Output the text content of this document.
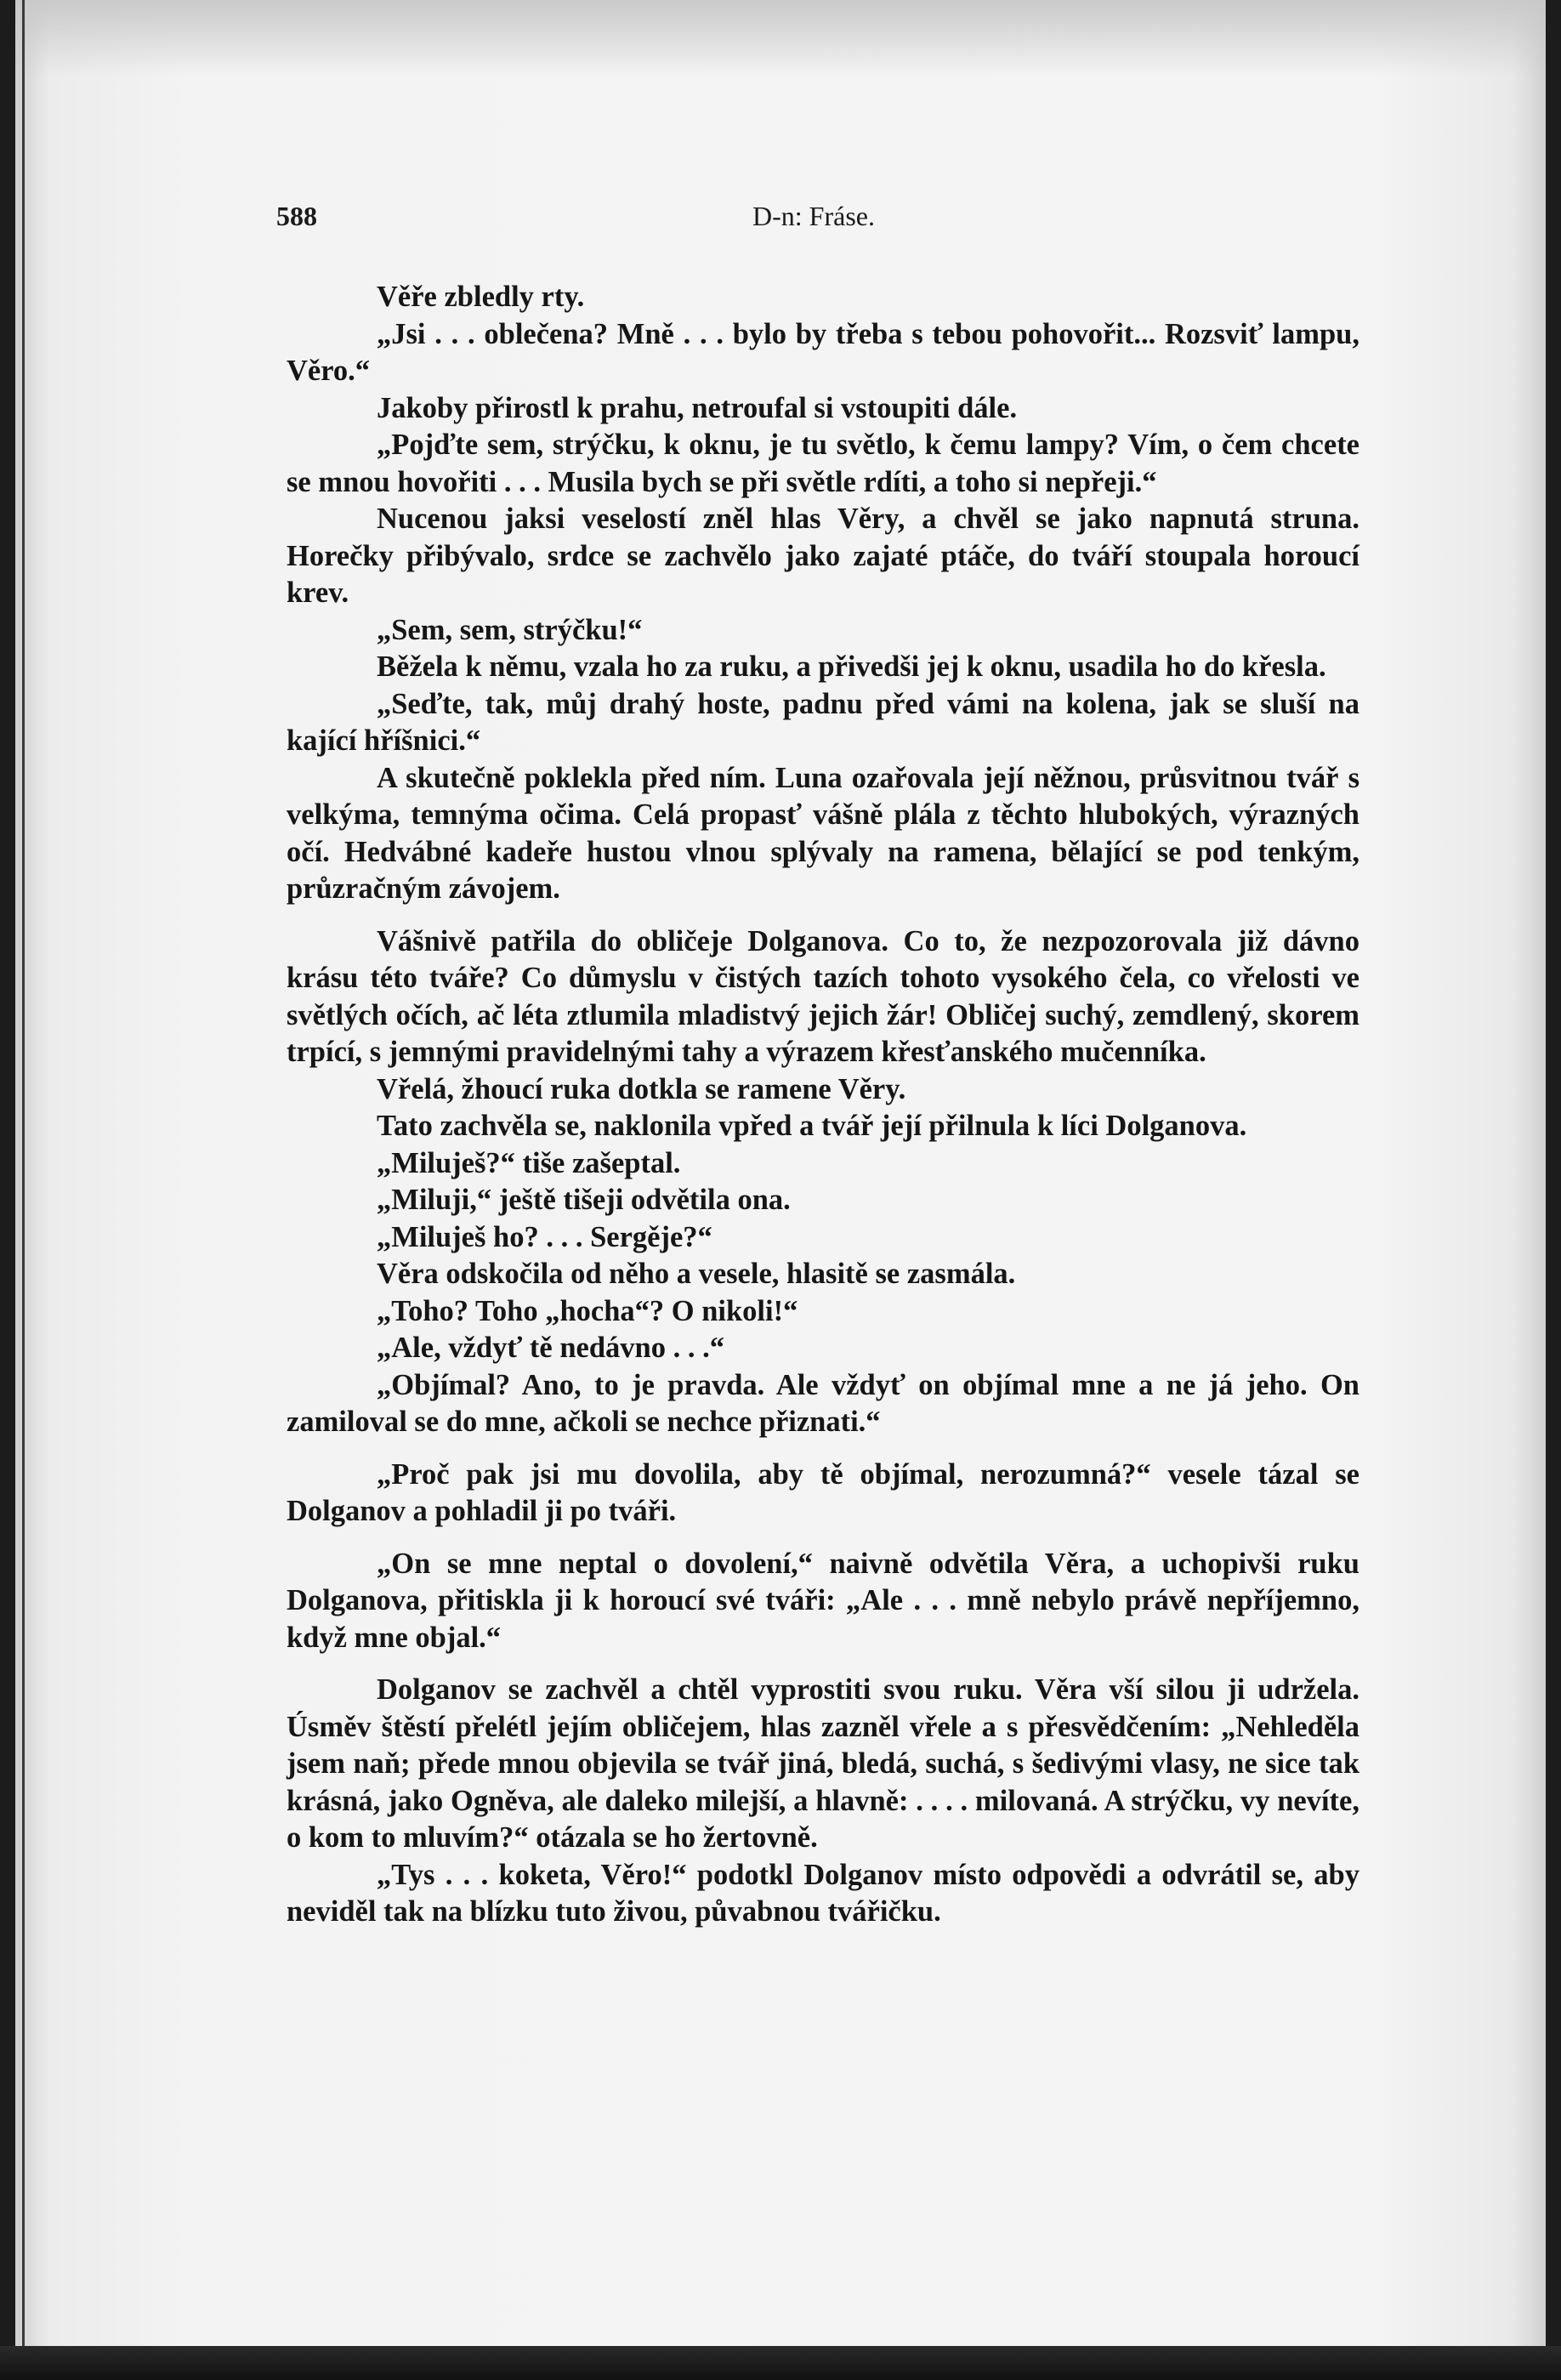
588	D-n: Fráse.

Věře zbledly rty.

„Jsi . . . oblečena? Mně . . . bylo by třeba s tebou pohovořit... Rozsviť lampu, Věro.“

Jakoby přirostl k prahu, netroufal si vstoupiti dále.

„Pojďte sem, strýčku, k oknu, je tu světlo, k čemu lampy? Vím, o čem chcete se mnou hovořiti . . . Musila bych se při světle rdíti, a toho si nepřeji.“

Nucenou jaksi veselostí zněl hlas Věry, a chvěl se jako napnutá struna. Horečky přibývalo, srdce se zachvělo jako zajaté ptáče, do tváří stoupala horoucí krev.

„Sem, sem, strýčku!“

Běžela k němu, vzala ho za ruku, a přivedši jej k oknu, usadila ho do křesla.

„Seďte, tak, můj drahý hoste, padnu před vámi na kolena, jak se sluší na kající hříšnici.“

A skutečně poklekla před ním. Luna ozařovala její něžnou, průsvitnou tvář s velkýma, temnýma očima. Celá propasť vášně plála z těchto hlubokých, výrazných očí. Hedvábné kadeře hustou vlnou splývaly na ramena, bělající se pod tenkým, průzračným závojem.

Vášnivě patřila do obličeje Dolganova. Co to, že nezpozorovala již dávno krásu této tváře? Co důmyslu v čistých tazích tohoto vysokého čela, co vřelosti ve světlých očích, ač léta ztlumila mladistvý jejich žár! Obličej suchý, zemdlený, skorem trpící, s jemnými pravidelnými tahy a výrazem křesťanského mučenníka.

Vřelá, žhoucí ruka dotkla se ramene Věry.

Tato zachvěla se, naklonila vpřed a tvář její přilnula k líci Dolganova.

„Miluješ?“ tiše zašeptal.

„Miluji,“ ještě tišeji odvětila ona.

„Miluješ ho? . . . Sergěje?“

Věra odskočila od něho a vesele, hlasitě se zasmála.

„Toho? Toho „hocha“? O nikoli!“

„Ale, vždyť tě nedávno . . .“

„Objímal? Ano, to je pravda. Ale vždyť on objímal mne a ne já jeho. On zamiloval se do mne, ačkoli se nechce přiznati.“

„Proč pak jsi mu dovolila, aby tě objímal, nerozumná?“ vesele tázal se Dolganov a pohladil ji po tváři.

„On se mne neptal o dovolení,“ naivně odvětila Věra, a uchopivši ruku Dolganova, přitiskla ji k horoucí své tváři: „Ale . . . mně nebylo právě nepříjemno, když mne objal.“

Dolganov se zachvěl a chtěl vyprostiti svou ruku. Věra vší silou ji udržela. Úsměv štěstí přelétl jejím obličejem, hlas zazněl vřele a s přesvědčením: „Nehleděla jsem naň; přede mnou objevila se tvář jiná, bledá, suchá, s šedivými vlasy, ne sice tak krásná, jako Ogněva, ale daleko milejší, a hlavně: . . . . milovaná. A strýčku, vy nevíte, o kom to mluvím?“ otázala se ho žertovně.

„Tys . . . koketa, Věro!“ podotkl Dolganov místo odpovědi a odvrátil se, aby neviděl tak na blízku tuto živou, půvabnou tvářičku.
